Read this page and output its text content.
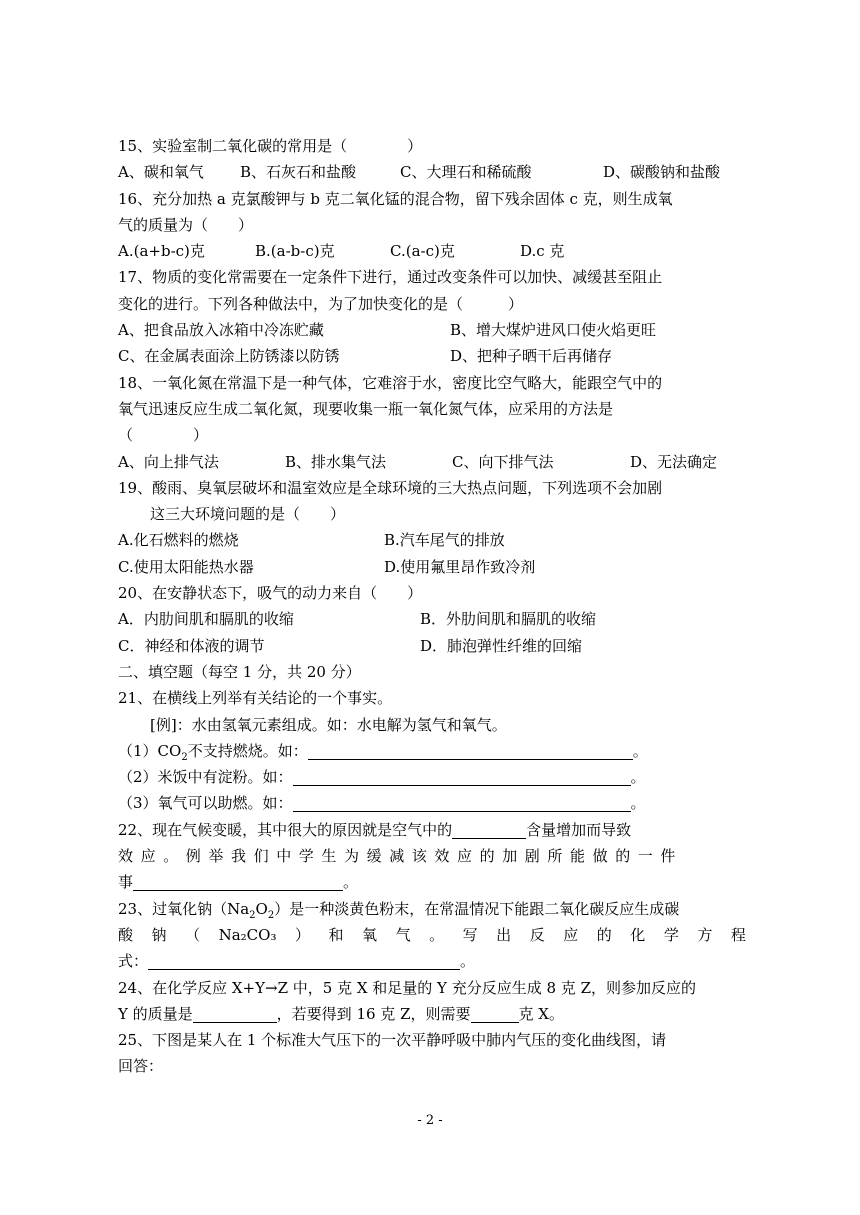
15、实验室制二氧化碳的常用是（　　　　）
A、碳和氧气 B、石灰石和盐酸	C、大理石和稀硫酸	D、碳酸钠和盐酸
16、充分加热 a 克氯酸钾与 b 克二氧化锰的混合物，留下残余固体 c 克，则生成氧
气的质量为（　　）
A.(a+b-c)克	B.(a-b-c)克	C.(a-c)克	D.c 克
17、物质的变化常需要在一定条件下进行，通过改变条件可以加快、减缓甚至阻止
变化的进行。下列各种做法中，为了加快变化的是（　　　）
A、把食品放入冰箱中冷冻贮藏	B、增大煤炉进风口使火焰更旺
C、在金属表面涂上防锈漆以防锈	D、把种子晒干后再储存
18、一氧化氮在常温下是一种气体，它难溶于水，密度比空气略大，能跟空气中的
氧气迅速反应生成二氧化氮，现要收集一瓶一氧化氮气体，应采用的方法是
（　　　　）
A、向上排气法	B、排水集气法	C、向下排气法	D、无法确定
19、酸雨、臭氧层破坏和温室效应是全球环境的三大热点问题，下列选项不会加剧
这三大环境问题的是（　　）
A.化石燃料的燃烧	B.汽车尾气的排放
C.使用太阳能热水器	D.使用氟里昂作致冷剂
20、在安静状态下，吸气的动力来自（　　）
A．内肋间肌和膈肌的收缩	B．外肋间肌和膈肌的收缩
C．神经和体液的调节	D．肺泡弹性纤维的回缩
二、填空题（每空 1 分，共 20 分）
21、在横线上列举有关结论的一个事实。
[例]：水由氢氧元素组成。如：水电解为氢气和氧气。
$(1)CO_2$不支持燃烧。如：	。
（2）米饭中有淀粉。如：	。
（3）氧气可以助燃。如：	。
22、现在气候变暖，其中很大的原因就是空气中的	含量增加而导致
效应。例举我们中学生为缓减该效应的加剧所能做的一件
事	。
23、过氧化钠$(Na_2O_2)$是一种淡黄色粉末，在常温情况下能跟二氧化碳反应生成碳
酸 钠 （ Na₂CO₃ ） 和 氧 气 。 写 出 反 应 的 化 学 方 程
式：	。
24、在化学反应 X+Y→Z 中，5 克 X 和足量的 Y 充分反应生成 8 克 Z，则参加反应的
Y 的质量是	，若要得到 16 克 Z，则需要	克 X。
25、下图是某人在 1 个标准大气压下的一次平静呼吸中肺内气压的变化曲线图，请
回答：
- 2 -
